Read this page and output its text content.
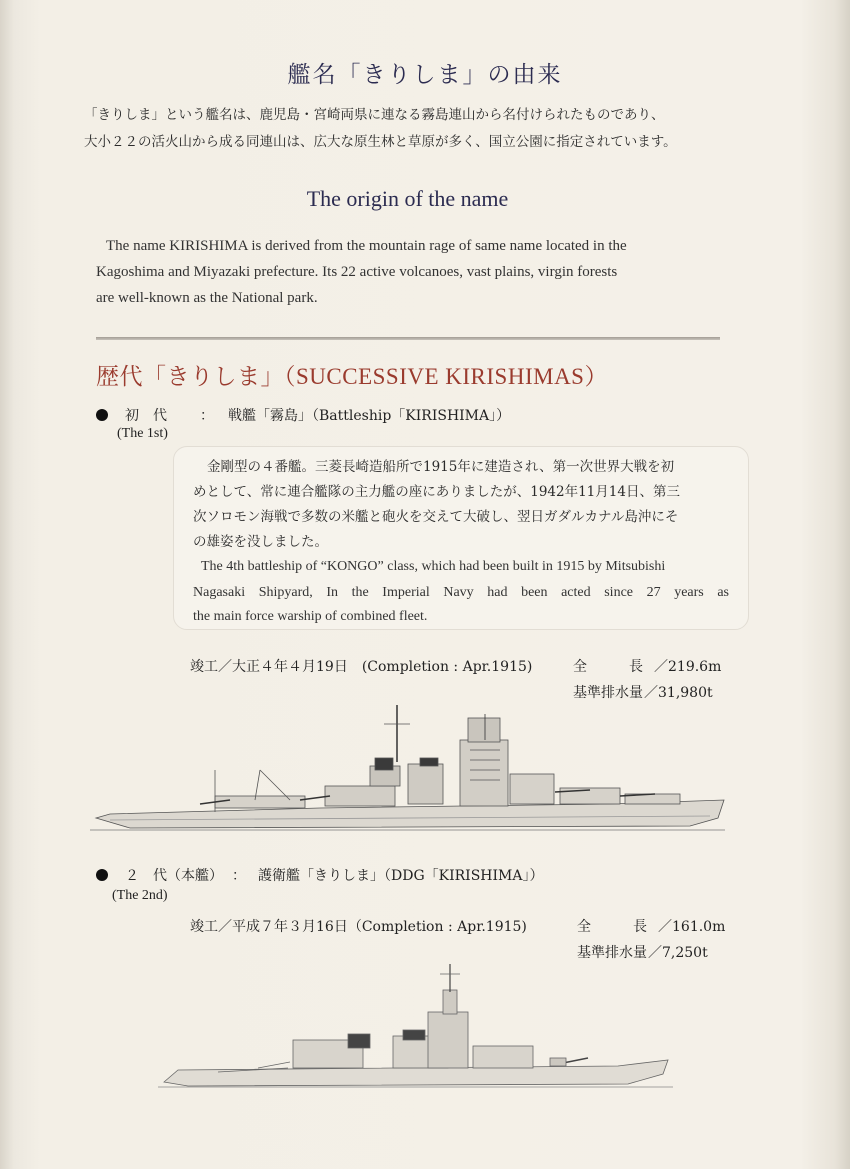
艦名「きりしま」の由来
「きりしま」という艦名は、鹿児島・宮崎両県に連なる霧島連山から名付けられたものであり、
大小２２の活火山から成る同連山は、広大な原生林と草原が多く、国立公園に指定されています。
The origin of the name
The name KIRISHIMA is derived from the mountain rage of same name located in the
Kagoshima and Miyazaki prefecture. Its 22 active volcanoes, vast plains, virgin forests
are well-known as the National park.
歴代「きりしま」（SUCCESSIVE KIRISHIMAS）
初　代 ： 戦艦「霧島」（Battleship「KIRISHIMA」）
(The 1st)
金剛型の４番艦。三菱長崎造船所で1915年に建造され、第一次世界大戦を初
めとして、常に連合艦隊の主力艦の座にありましたが、1942年11月14日、第三
次ソロモン海戦で多数の米艦と砲火を交えて大破し、翌日ガダルカナル島沖にそ
の雄姿を没しました。
The 4th battleship of “KONGO” class, which had been built in 1915 by Mitsubishi
Nagasaki Shipyard, In the Imperial Navy had been acted since 27 years as
the main force warship of combined fleet.
竣工／大正４年４月19日　(Completion : Apr.1915)	全　　　長 ／219.6m
基準排水量 ／31,980t
２　代（本艦） ： 護衛艦「きりしま」（DDG「KIRISHIMA」）
(The 2nd)
竣工／平成７年３月16日（Completion : Apr.1915)	全　　　長 ／161.0m
基準排水量 ／7,250t
